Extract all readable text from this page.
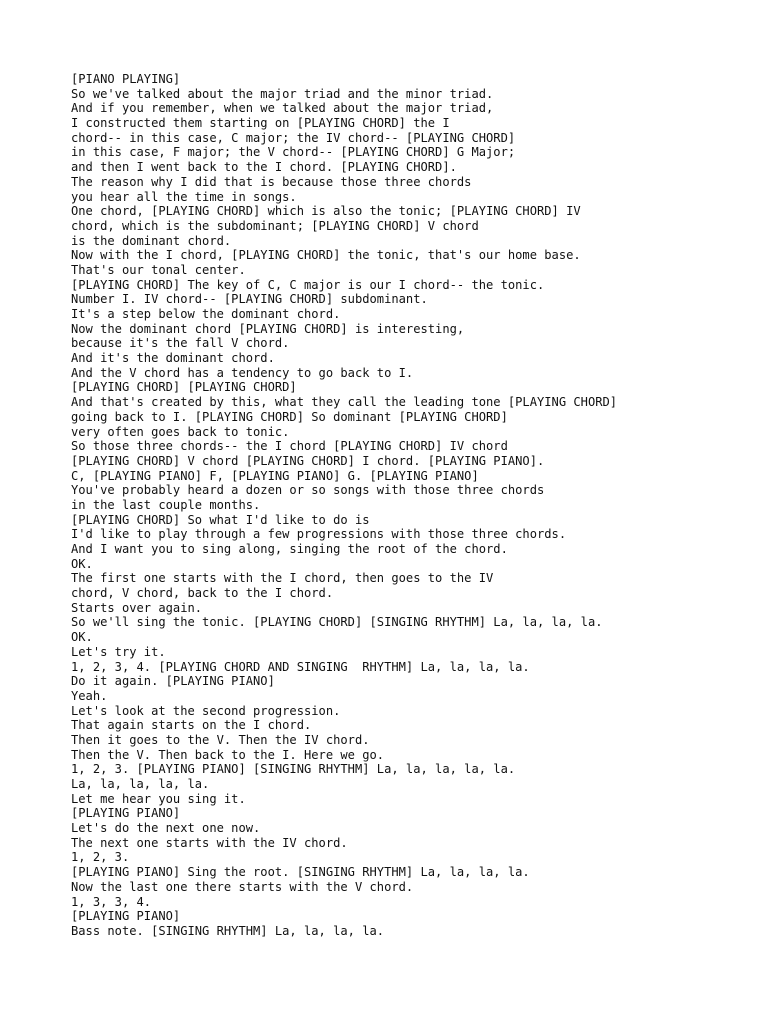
[PIANO PLAYING]
So we've talked about the major triad and the minor triad.
And if you remember, when we talked about the major triad,
I constructed them starting on [PLAYING CHORD] the I
chord-- in this case, C major; the IV chord-- [PLAYING CHORD]
in this case, F major; the V chord-- [PLAYING CHORD] G Major;
and then I went back to the I chord. [PLAYING CHORD].
The reason why I did that is because those three chords
you hear all the time in songs.
One chord, [PLAYING CHORD] which is also the tonic; [PLAYING CHORD] IV
chord, which is the subdominant; [PLAYING CHORD] V chord
is the dominant chord.
Now with the I chord, [PLAYING CHORD] the tonic, that's our home base.
That's our tonal center.
[PLAYING CHORD] The key of C, C major is our I chord-- the tonic.
Number I. IV chord-- [PLAYING CHORD] subdominant.
It's a step below the dominant chord.
Now the dominant chord [PLAYING CHORD] is interesting,
because it's the fall V chord.
And it's the dominant chord.
And the V chord has a tendency to go back to I.
[PLAYING CHORD] [PLAYING CHORD]
And that's created by this, what they call the leading tone [PLAYING CHORD]
going back to I. [PLAYING CHORD] So dominant [PLAYING CHORD]
very often goes back to tonic.
So those three chords-- the I chord [PLAYING CHORD] IV chord
[PLAYING CHORD] V chord [PLAYING CHORD] I chord. [PLAYING PIANO].
C, [PLAYING PIANO] F, [PLAYING PIANO] G. [PLAYING PIANO]
You've probably heard a dozen or so songs with those three chords
in the last couple months.
[PLAYING CHORD] So what I'd like to do is
I'd like to play through a few progressions with those three chords.
And I want you to sing along, singing the root of the chord.
OK.
The first one starts with the I chord, then goes to the IV
chord, V chord, back to the I chord.
Starts over again.
So we'll sing the tonic. [PLAYING CHORD] [SINGING RHYTHM] La, la, la, la.
OK.
Let's try it.
1, 2, 3, 4. [PLAYING CHORD AND SINGING  RHYTHM] La, la, la, la.
Do it again. [PLAYING PIANO]
Yeah.
Let's look at the second progression.
That again starts on the I chord.
Then it goes to the V. Then the IV chord.
Then the V. Then back to the I. Here we go.
1, 2, 3. [PLAYING PIANO] [SINGING RHYTHM] La, la, la, la, la.
La, la, la, la, la.
Let me hear you sing it.
[PLAYING PIANO]
Let's do the next one now.
The next one starts with the IV chord.
1, 2, 3.
[PLAYING PIANO] Sing the root. [SINGING RHYTHM] La, la, la, la.
Now the last one there starts with the V chord.
1, 3, 3, 4.
[PLAYING PIANO]
Bass note. [SINGING RHYTHM] La, la, la, la.
